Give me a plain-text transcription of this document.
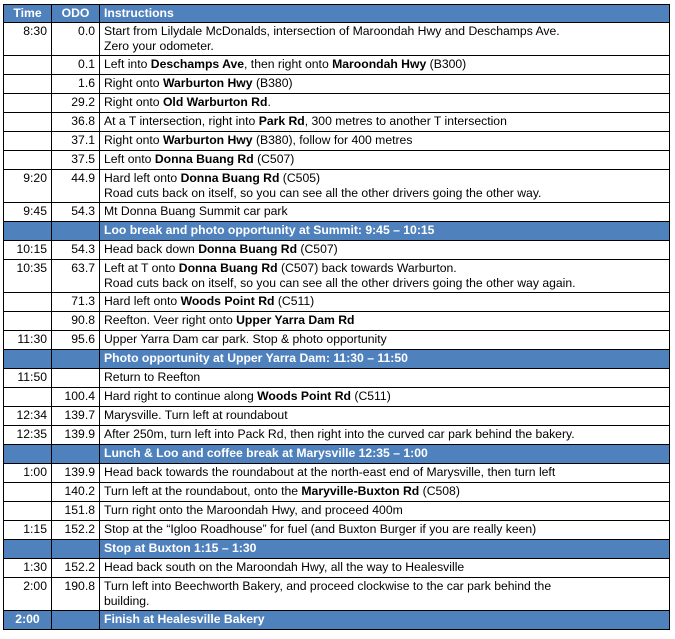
Time	ODO	Instructions
8:30	0.0	Start from Lilydale McDonalds, intersection of Maroondah Hwy and Deschamps Ave.
Zero your odometer.

	0.1	Left into Deschamps Ave, then right onto Maroondah Hwy (B300)

	1.6	Right onto Warburton Hwy (B380)

	29.2	Right onto Old Warburton Rd.

	36.8	At a T intersection, right into Park Rd, 300 metres to another T intersection

	37.1	Right onto Warburton Hwy (B380), follow for 400 metres

	37.5	Left onto Donna Buang Rd (C507)

9:20	44.9	Hard left onto Donna Buang Rd (C505)
Road cuts back on itself, so you can see all the other drivers going the other way.

9:45	54.3	Mt Donna Buang Summit car park

		Loo break and photo opportunity at Summit: 9:45 – 10:15
10:15	54.3	Head back down Donna Buang Rd (C507)

10:35	63.7	Left at T onto Donna Buang Rd (C507) back towards Warburton.
Road cuts back on itself, so you can see all the other drivers going the other way again.

	71.3	Hard left onto Woods Point Rd (C511)

	90.8	Reefton. Veer right onto Upper Yarra Dam Rd

11:30	95.6	Upper Yarra Dam car park. Stop & photo opportunity

		Photo opportunity at Upper Yarra Dam: 11:30 – 11:50
11:50		Return to Reefton

	100.4	Hard right to continue along Woods Point Rd (C511)

12:34	139.7	Marysville. Turn left at roundabout

12:35	139.9	After 250m, turn left into Pack Rd, then right into the curved car park behind the bakery.

		Lunch & Loo and coffee break at Marysville 12:35 – 1:00
1:00	139.9	Head back towards the roundabout at the north-east end of Marysville, then turn left

	140.2	Turn left at the roundabout, onto the Maryville-Buxton Rd (C508)

	151.8	Turn right onto the Maroondah Hwy, and proceed 400m

1:15	152.2	Stop at the “Igloo Roadhouse” for fuel (and Buxton Burger if you are really keen)

		Stop at Buxton 1:15 – 1:30
1:30	152.2	Head back south on the Maroondah Hwy, all the way to Healesville

2:00	190.8	Turn left into Beechworth Bakery, and proceed clockwise to the car park behind the
building.

2:00		Finish at Healesville Bakery
